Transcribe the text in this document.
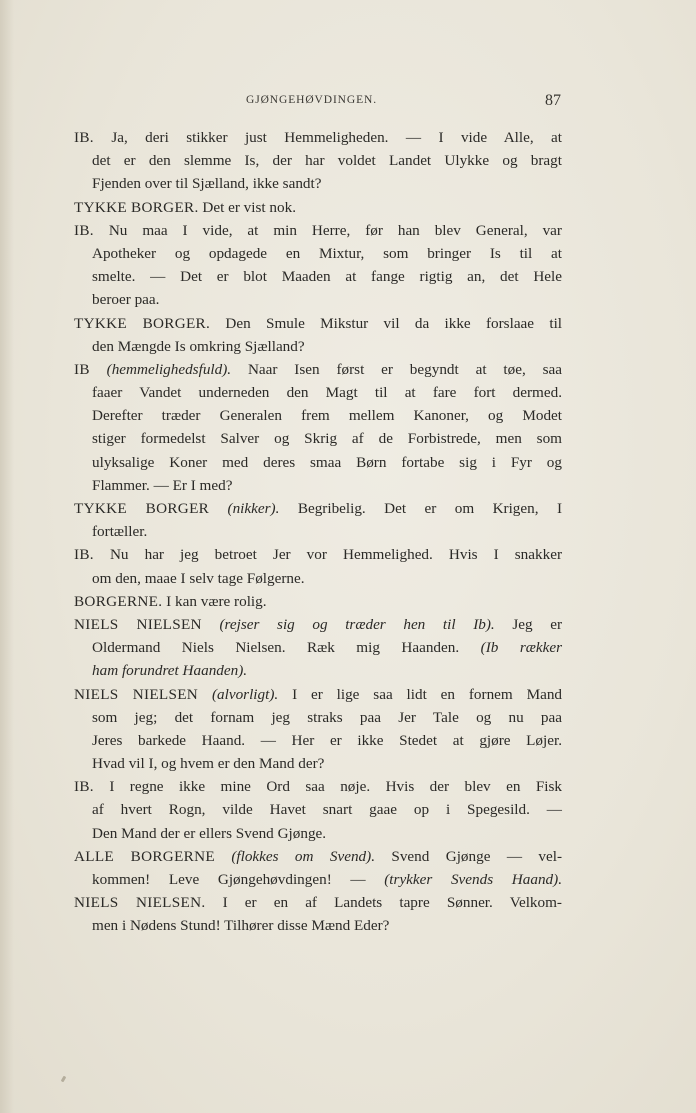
GJØNGEHØVDINGEN.	87
IB. Ja, deri stikker just Hemmeligheden. — I vide Alle, at
det er den slemme Is, der har voldet Landet Ulykke og bragt
Fjenden over til Sjælland, ikke sandt?
TYKKE BORGER. Det er vist nok.
IB. Nu maa I vide, at min Herre, før han blev General, var
Apotheker og opdagede en Mixtur, som bringer Is til at
smelte. — Det er blot Maaden at fange rigtig an, det Hele
beroer paa.
TYKKE BORGER. Den Smule Mikstur vil da ikke forslaae til
den Mængde Is omkring Sjælland?
IB (hemmelighedsfuld). Naar Isen først er begyndt at tøe, saa
faaer Vandet underneden den Magt til at fare fort dermed.
Derefter træder Generalen frem mellem Kanoner, og Modet
stiger formedelst Salver og Skrig af de Forbistrede, men som
ulyksalige Koner med deres smaa Børn fortabe sig i Fyr og
Flammer. — Er I med?
TYKKE BORGER (nikker). Begribelig. Det er om Krigen, I
fortæller.
IB. Nu har jeg betroet Jer vor Hemmelighed. Hvis I snakker
om den, maae I selv tage Følgerne.
BORGERNE. I kan være rolig.
NIELS NIELSEN (rejser sig og træder hen til Ib). Jeg er
Oldermand Niels Nielsen. Ræk mig Haanden. (Ib rækker
ham forundret Haanden).
NIELS NIELSEN (alvorligt). I er lige saa lidt en fornem Mand
som jeg; det fornam jeg straks paa Jer Tale og nu paa
Jeres barkede Haand. — Her er ikke Stedet at gjøre Løjer.
Hvad vil I, og hvem er den Mand der?
IB. I regne ikke mine Ord saa nøje. Hvis der blev en Fisk
af hvert Rogn, vilde Havet snart gaae op i Spegesild. —
Den Mand der er ellers Svend Gjønge.
ALLE BORGERNE (flokkes om Svend). Svend Gjønge — vel-
kommen! Leve Gjøngehøvdingen! — (trykker Svends Haand).
NIELS NIELSEN. I er en af Landets tapre Sønner. Velkom-
men i Nødens Stund! Tilhører disse Mænd Eder?
